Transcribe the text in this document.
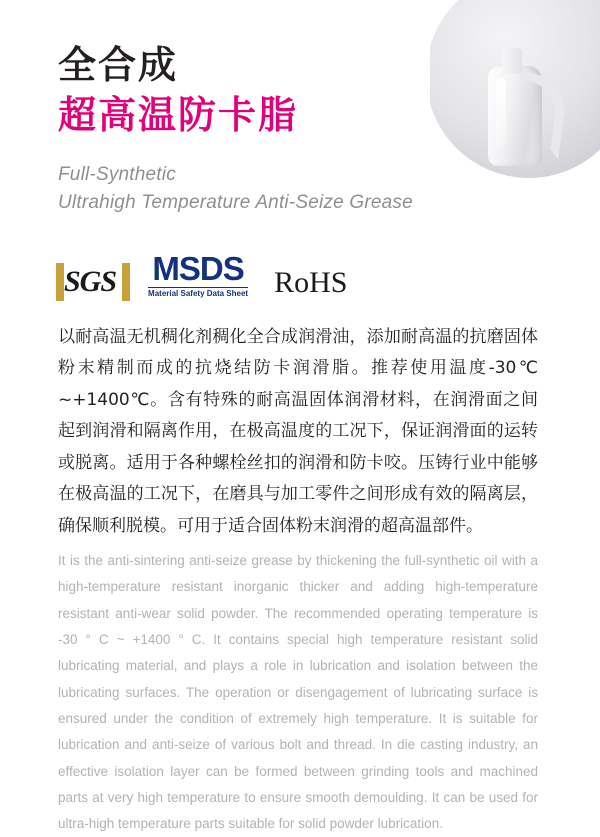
全合成
超高温防卡脂
Full-Synthetic
Ultrahigh Temperature Anti-Seize Grease
SGS MSDS
Material Safety Data Sheet RoHS
以耐高温无机稠化剂稠化全合成润滑油，添加耐高温的抗磨固体粉末精制而成的抗烧结防卡润滑脂。推荐使用温度-30℃ ~+1400℃。含有特殊的耐高温固体润滑材料，在润滑面之间起到润滑和隔离作用，在极高温度的工况下，保证润滑面的运转或脱离。适用于各种螺栓丝扣的润滑和防卡咬。压铸行业中能够在极高温的工况下，在磨具与加工零件之间形成有效的隔离层，确保顺利脱模。可用于适合固体粉末润滑的超高温部件。
It is the anti-sintering anti-seize grease by thickening the full-synthetic oil with a high-temperature resistant inorganic thicker and adding high-temperature resistant anti-wear solid powder. The recommended operating temperature is -30 ° C ~ +1400 ° C. It contains special high temperature resistant solid lubricating material, and plays a role in lubrication and isolation between the lubricating surfaces. The operation or disengagement of lubricating surface is ensured under the condition of extremely high temperature. It is suitable for lubrication and anti-seize of various bolt and thread. In die casting industry, an effective isolation layer can be formed between grinding tools and machined parts at very high temperature to ensure smooth demoulding. It can be used for ultra-high temperature parts suitable for solid powder lubrication.
